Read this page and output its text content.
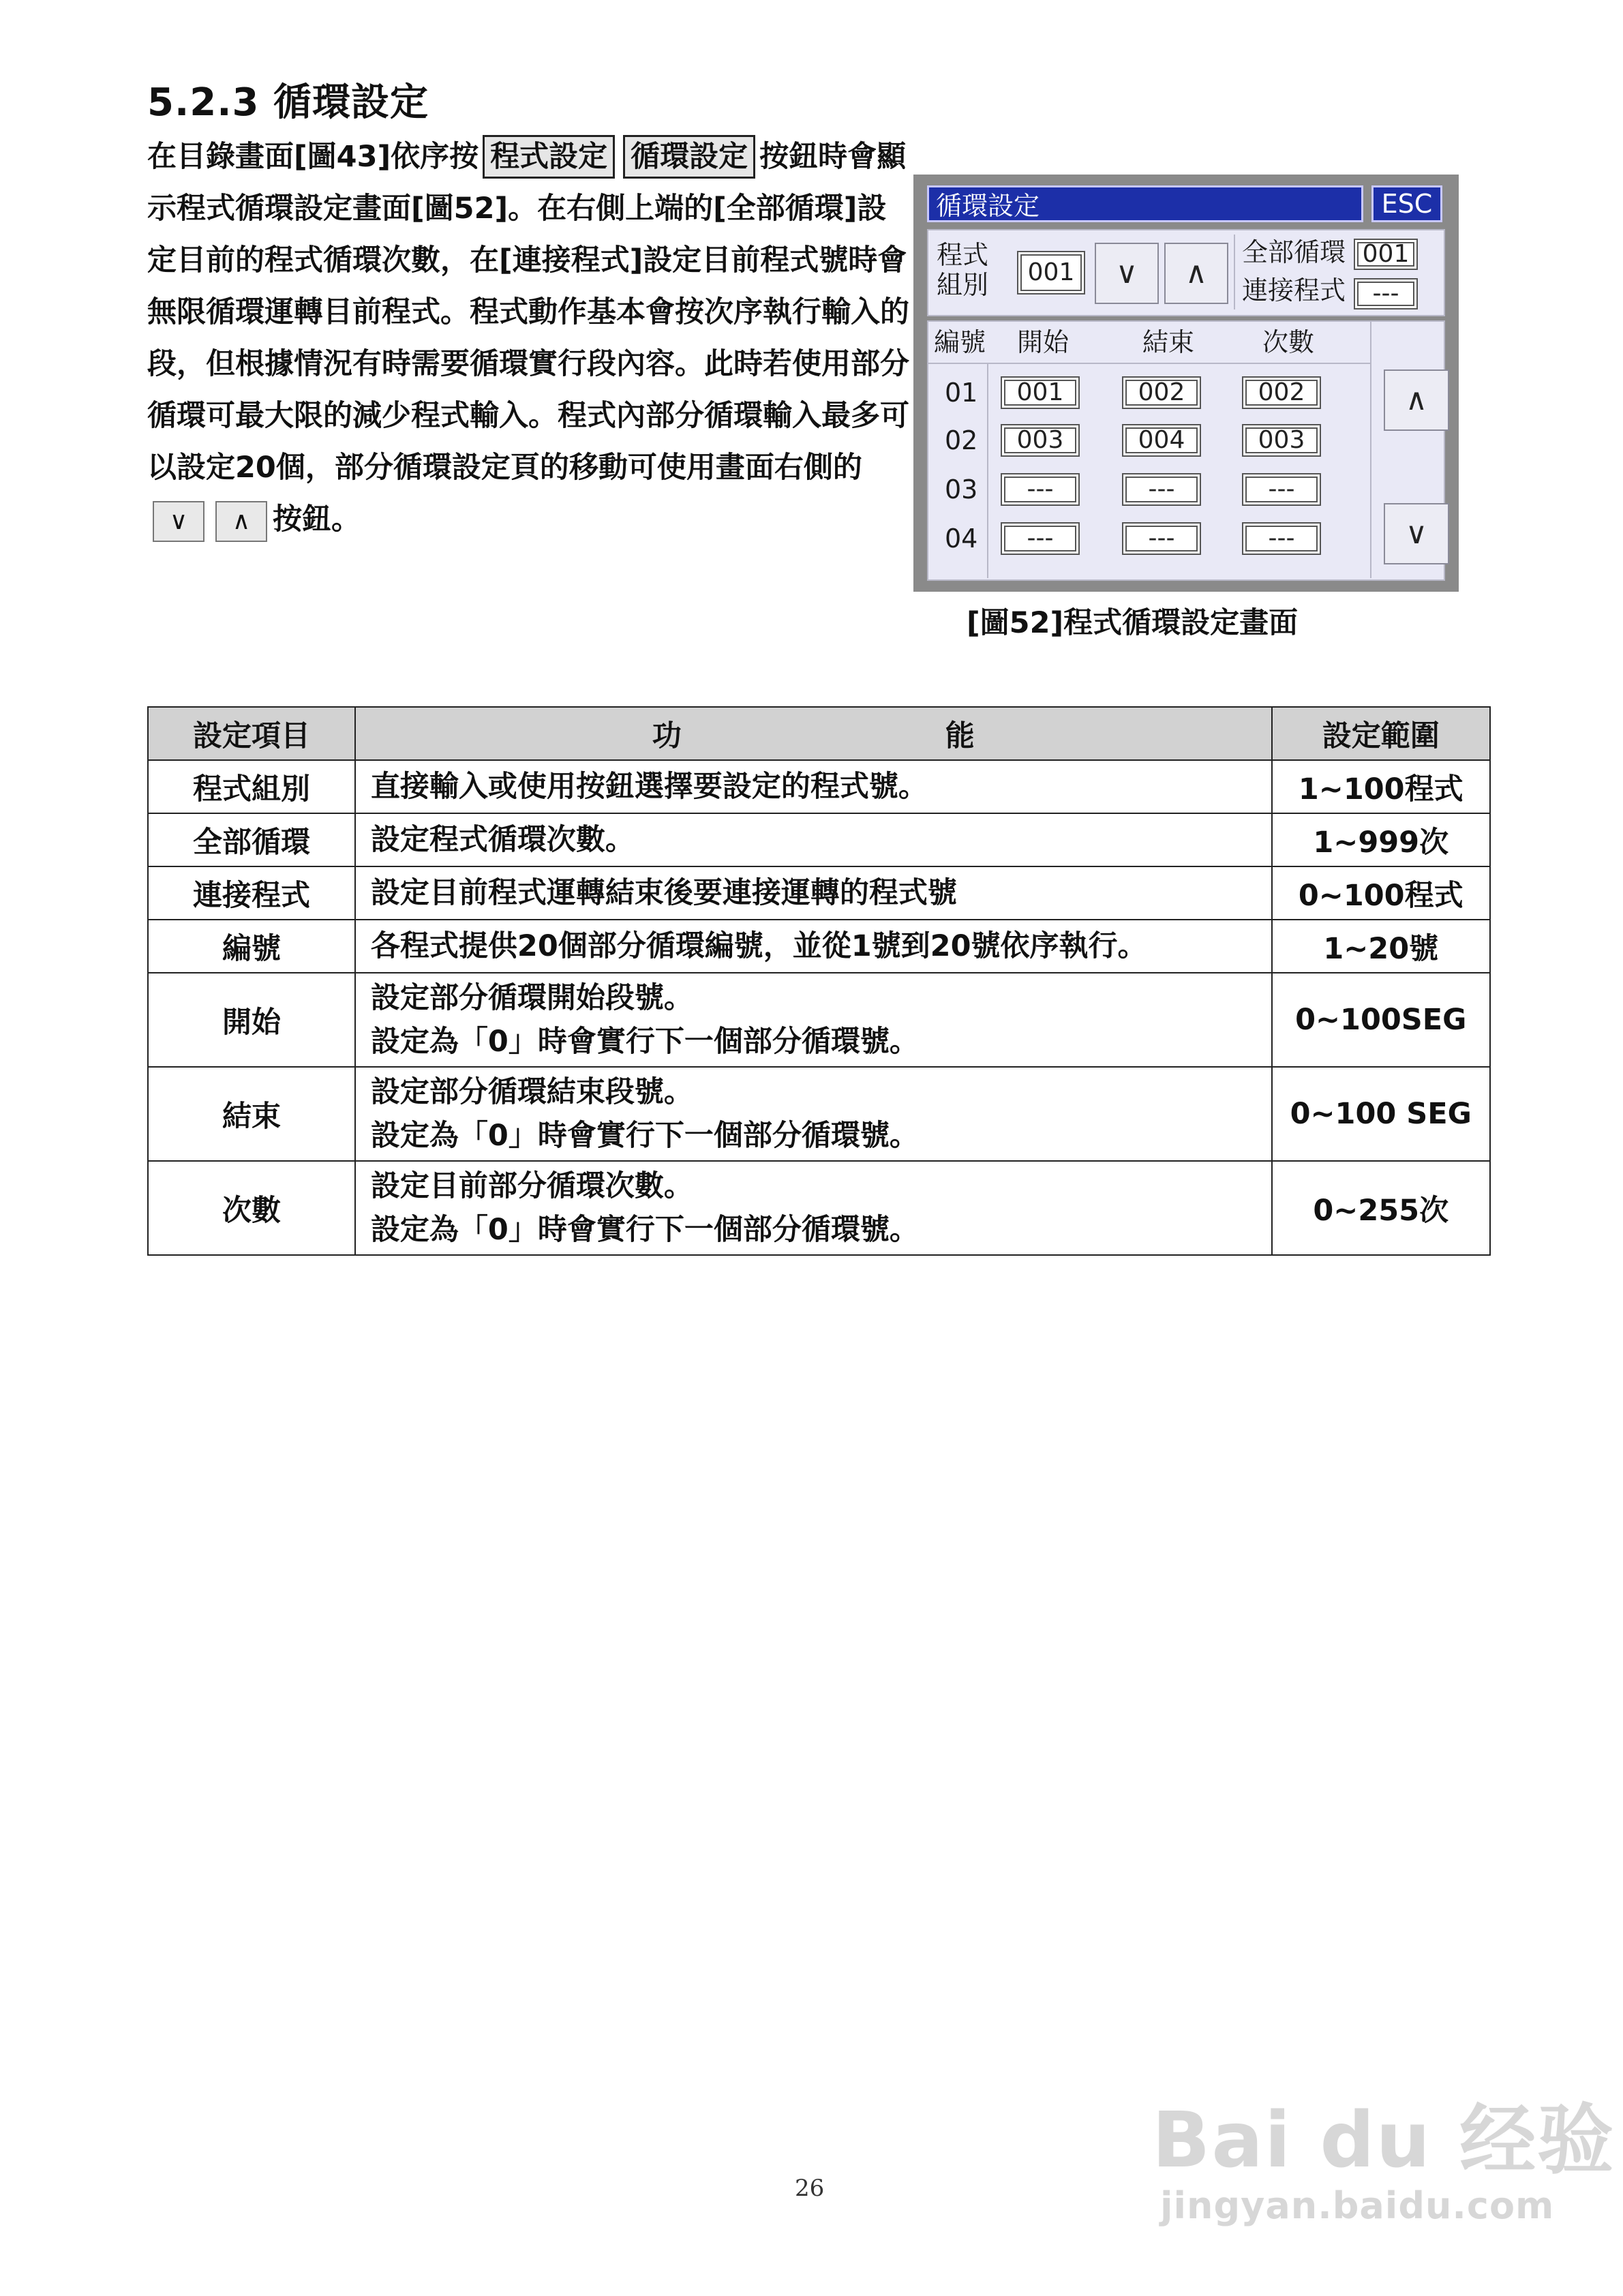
5.2.3 循環設定
在目錄畫面[圖43]依序按 程式設定 循環設定 按鈕時會顯示程式循環設定畫面[圖52]。在右側上端的[全部循環]設定目前的程式循環次數，在[連接程式]設定目前程式號時會無限循環運轉目前程式。程式動作基本會按次序執行輸入的段，但根據情況有時需要循環實行段內容。此時若使用部分循環可最大限的減少程式輸入。程式內部分循環輸入最多可以設定20個，部分循環設定頁的移動可使用畫面右側的∨ ∧ 按鈕。
循環設定	ESC
程式
組別	001	∨	∧
全部循環 001
連接程式	---
編號 開始	結束	次數
01	001	002	002
02	003	004	003
03	---	---	---
04	---	---	---
∧
∨
[圖52]程式循環設定畫面
設定項目	功　　　　　　　　　能	設定範圍
程式組別	直接輸入或使用按鈕選擇要設定的程式號。	1~100程式
全部循環	設定程式循環次數。	1~999次
連接程式	設定目前程式運轉結束後要連接運轉的程式號	0~100程式
編號	各程式提供20個部分循環編號，並從1號到20號依序執行。	1~20號
開始	設定部分循環開始段號。
設定為「0」時會實行下一個部分循環號。	0~100SEG
結束	設定部分循環結束段號。
設定為「0」時會實行下一個部分循環號。	0~100 SEG
次數	設定目前部分循環次數。
設定為「0」時會實行下一個部分循環號。	0~255次
26
Bai du 经验
jingyan.baidu.com
